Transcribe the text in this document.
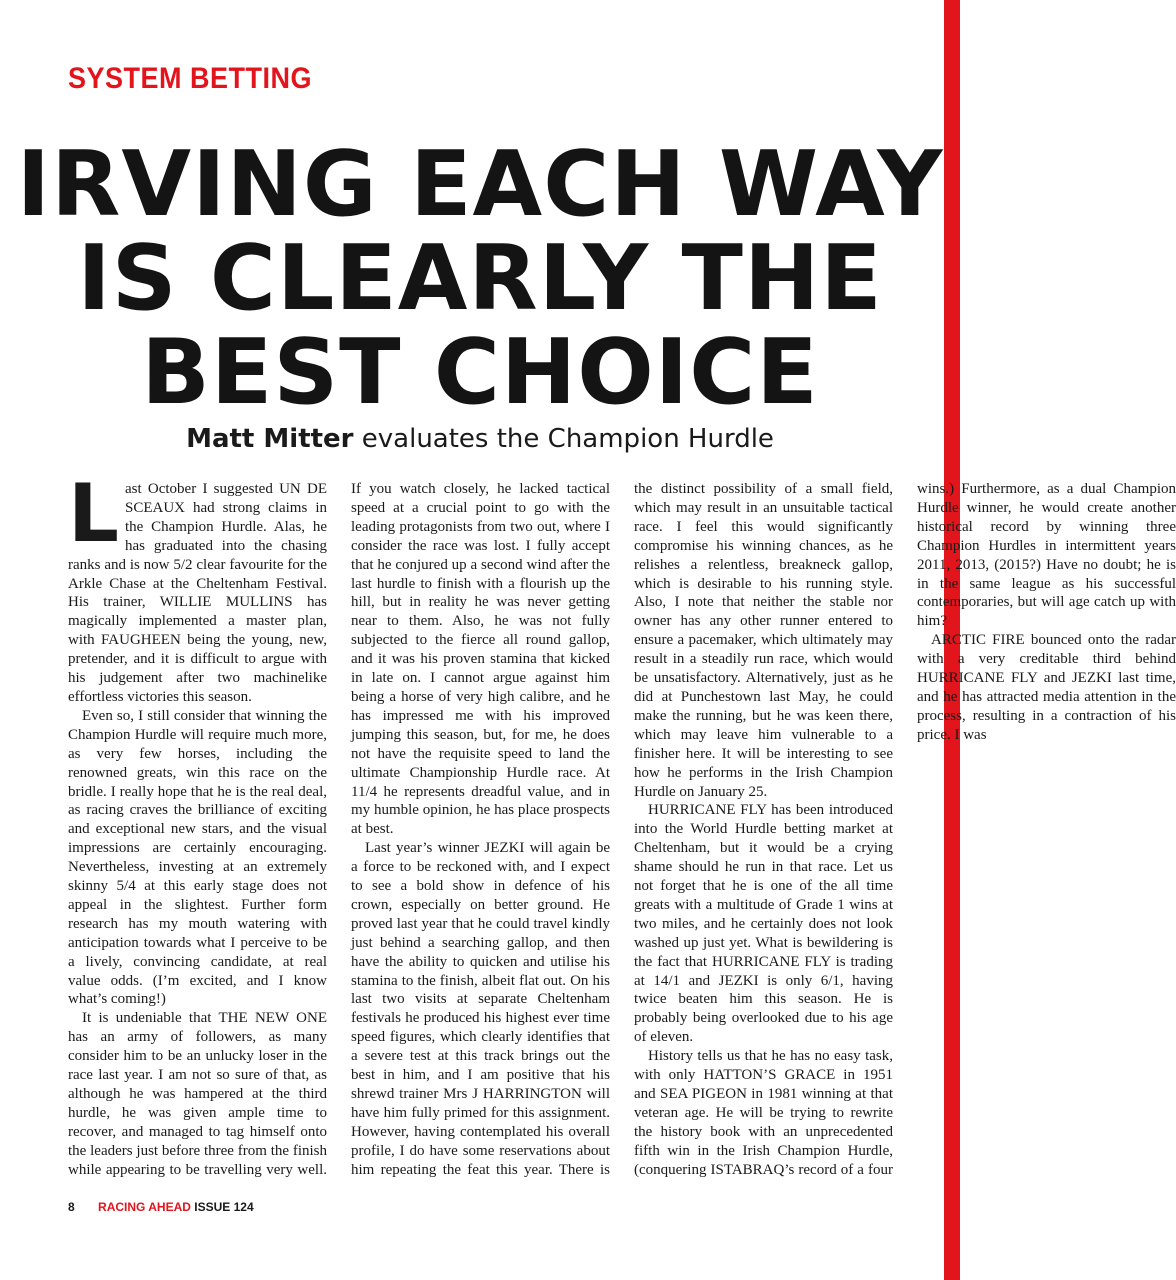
SYSTEM BETTING
IRVING EACH WAY
IS CLEARLY THE
BEST CHOICE
Matt Mitter evaluates the Champion Hurdle

Last October I suggested UN DE SCEAUX had strong claims in the Champion Hurdle. Alas, he has graduated into the chasing ranks and is now 5/2 clear favourite for the Arkle Chase at the Cheltenham Festival. His trainer, WILLIE MULLINS has magically implemented a master plan, with FAUGHEEN being the young, new, pretender, and it is difficult to argue with his judgement after two machinelike effortless victories this season.

Even so, I still consider that winning the Champion Hurdle will require much more, as very few horses, including the renowned greats, win this race on the bridle. I really hope that he is the real deal, as racing craves the brilliance of exciting and exceptional new stars, and the visual impressions are certainly encouraging. Nevertheless, investing at an extremely skinny 5/4 at this early stage does not appeal in the slightest. Further form research has my mouth watering with anticipation towards what I perceive to be a lively, convincing candidate, at real value odds. (I’m excited, and I know what’s coming!)

It is undeniable that THE NEW ONE has an army of followers, as many consider him to be an unlucky loser in the race last year. I am not so sure of that, as although he was hampered at the third hurdle, he was given ample time to recover, and managed to tag himself onto the leaders just before three from the finish while appearing to be travelling very well. If you watch closely, he lacked tactical speed at a crucial point to go with the leading protagonists from two out, where I consider the race was lost. I fully accept that he conjured up a second wind after the last hurdle to finish with a flourish up the hill, but in reality he was never getting near to them. Also, he was not fully subjected to the fierce all round gallop, and it was his proven stamina that kicked in late on. I cannot argue against him being a horse of very high calibre, and he has impressed me with his improved jumping this season, but, for me, he does not have the requisite speed to land the ultimate Championship Hurdle race. At 11/4 he represents dreadful value, and in my humble opinion, he has place prospects at best.

Last year’s winner JEZKI will again be a force to be reckoned with, and I expect to see a bold show in defence of his crown, especially on better ground. He proved last year that he could travel kindly just behind a searching gallop, and then have the ability to quicken and utilise his stamina to the finish, albeit flat out. On his last two visits at separate Cheltenham festivals he produced his highest ever time speed figures, which clearly identifies that a severe test at this track brings out the best in him, and I am positive that his shrewd trainer Mrs J HARRINGTON will have him fully primed for this assignment. However, having contemplated his overall profile, I do have some reservations about him repeating the feat this year. There is the distinct possibility of a small field, which may result in an unsuitable tactical race. I feel this would significantly compromise his winning chances, as he relishes a relentless, breakneck gallop, which is desirable to his running style. Also, I note that neither the stable nor owner has any other runner entered to ensure a pacemaker, which ultimately may result in a steadily run race, which would be unsatisfactory. Alternatively, just as he did at Punchestown last May, he could make the running, but he was keen there, which may leave him vulnerable to a finisher here. It will be interesting to see how he performs in the Irish Champion Hurdle on January 25.

HURRICANE FLY has been introduced into the World Hurdle betting market at Cheltenham, but it would be a crying shame should he run in that race. Let us not forget that he is one of the all time greats with a multitude of Grade 1 wins at two miles, and he certainly does not look washed up just yet. What is bewildering is the fact that HURRICANE FLY is trading at 14/1 and JEZKI is only 6/1, having twice beaten him this season. He is probably being overlooked due to his age of eleven.

History tells us that he has no easy task, with only HATTON’S GRACE in 1951 and SEA PIGEON in 1981 winning at that veteran age. He will be trying to rewrite the history book with an unprecedented fifth win in the Irish Champion Hurdle, (conquering ISTABRAQ’s record of a four wins.) Furthermore, as a dual Champion Hurdle winner, he would create another historical record by winning three Champion Hurdles in intermittent years 2011, 2013, (2015?) Have no doubt; he is in the same league as his successful contemporaries, but will age catch up with him?

ARCTIC FIRE bounced onto the radar with a very creditable third behind HURRICANE FLY and JEZKI last time, and he has attracted media attention in the process, resulting in a contraction of his price. I was

8 RACING AHEAD ISSUE 124
